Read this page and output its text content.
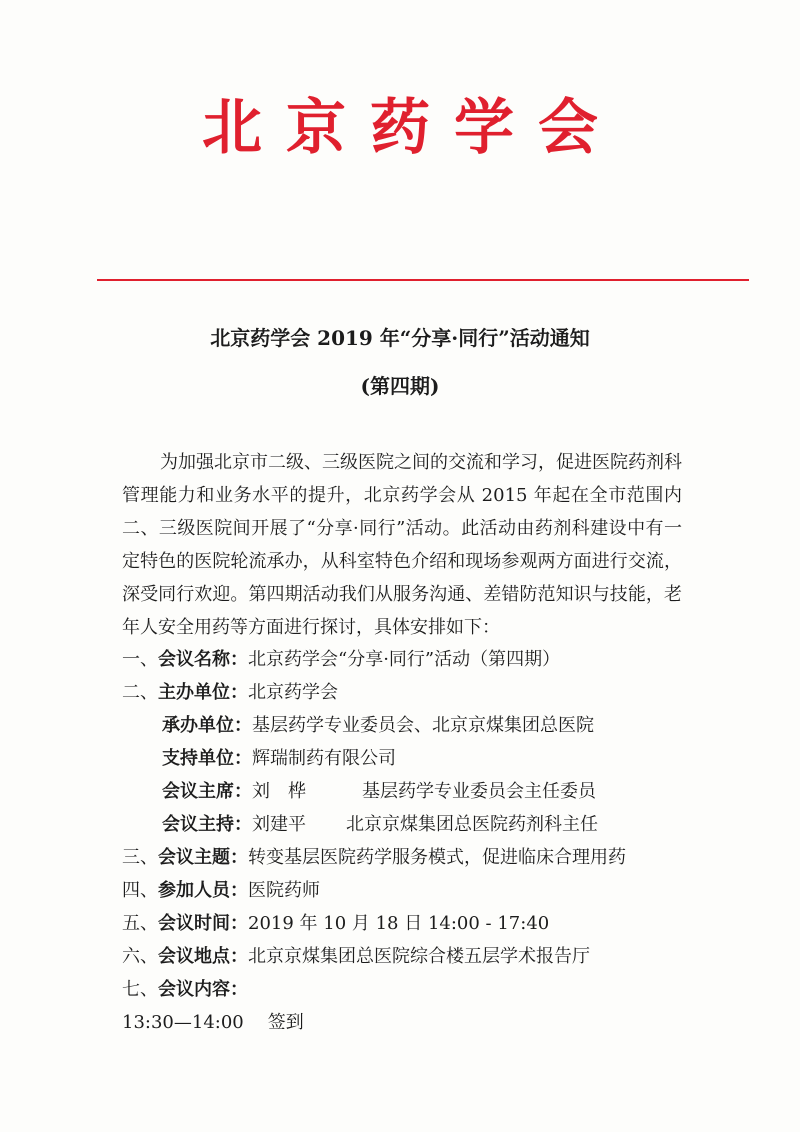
北京药学会
北京药学会 2019 年“分享·同行”活动通知
(第四期)
为加强北京市二级、三级医院之间的交流和学习，促进医院药剂科管理能力和业务水平的提升，北京药学会从 2015 年起在全市范围内二、三级医院间开展了“分享·同行”活动。此活动由药剂科建设中有一定特色的医院轮流承办，从科室特色介绍和现场参观两方面进行交流，深受同行欢迎。第四期活动我们从服务沟通、差错防范知识与技能，老年人安全用药等方面进行探讨，具体安排如下：
一、会议名称：北京药学会“分享·同行”活动（第四期）
二、主办单位：北京药学会
承办单位：基层药学专业委员会、北京京煤集团总医院
支持单位：辉瑞制药有限公司
会议主席：刘　桦	基层药学专业委员会主任委员
会议主持：刘建平 北京京煤集团总医院药剂科主任
三、会议主题：转变基层医院药学服务模式，促进临床合理用药
四、参加人员：医院药师
五、会议时间：2019 年 10 月 18 日 14:00 - 17:40
六、会议地点：北京京煤集团总医院综合楼五层学术报告厅
七、会议内容：
13:30—14:00 签到
